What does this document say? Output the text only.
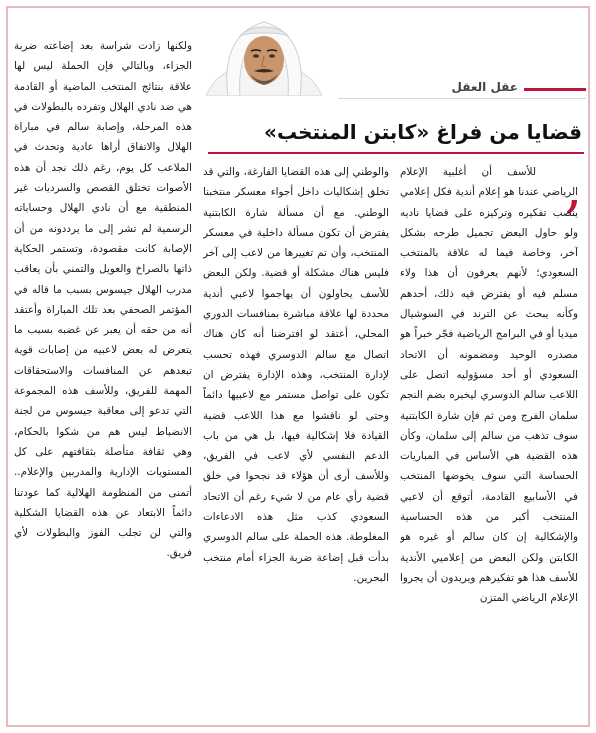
عقل العقل
قضايا من فراغ «كابتن المنتخب»
‚

للأسف أن أغلبية الإعلام الرياضي عندنا هو إعلام أندية فكل إعلامي ينصب تفكيره وتركيزه على قضايا ناديه ولو حاول البعض تجميل طرحه بشكل آخر، وخاصة فيما له علاقة بالمنتخب السعودي؛ لأنهم يعرفون أن هذا ولاء مسلم فيه أو يفترض فيه ذلك، أحدهم وكأنه يبحث عن الترند في السوشيال ميديا أو في البرامج الرياضية فجّر خبراً هو مصدره الوحيد ومضمونه أن الاتحاد السعودي أو أحد مسؤوليه اتصل على اللاعب سالم الدوسري ليخبره بضم النجم سلمان الفرج ومن ثم فإن شارة الكابتنية سوف تذهب من سالم إلى سلمان، وكأن هذه القضية هي الأساس في المباريات الحساسة التي سوف يخوضها المنتخب في الأسابيع القادمة، أتوقع أن لاعبي المنتخب أكبر من هذه الحساسية والإشكالية إن كان سالم أو غيره هو الكابتن ولكن البعض من إعلاميي الأندية للأسف هذا هو تفكيرهم ويريدون أن يجروا الإعلام الرياضي المتزن

والوطني إلى هذه القضايا الفارغة، والتي قد تخلق إشكاليات داخل أجواء معسكر منتخبنا الوطني. مع أن مسألة شارة الكابتنية يفترض أن تكون مسألة داخلية في معسكر المنتخب، وأن تم تغييرها من لاعب إلى آخر فليس هناك مشكلة أو قضية. ولكن البعض للأسف يحاولون أن يهاجموا لاعبي أندية محددة لها علاقة مباشرة بمنافسات الدوري المحلي، أعتقد لو افترضنا أنه كان هناك اتصال مع سالم الدوسري فهذه تحسب لإدارة المنتخب، وهذه الإدارة يفترض ان تكون على تواصل مستمر مع لاعبيها دائماً وحتى لو ناقشوا مع هذا اللاعب قضية القيادة فلا إشكالية فيها، بل هي من باب الدعم النفسي لأي لاعب في الفريق، وللأسف أرى أن هؤلاء قد نجحوا في خلق قضية رأي عام من لا شيء رغم أن الاتحاد السعودي كذب مثل هذه الادعاءات المغلوطة. هذه الحملة على سالم الدوسري بدأت قبل إضاعة ضربة الجزاء أمام منتخب البحرين.

ولكنها زادت شراسة بعد إضاعته ضربة الجزاء، وبالتالي فإن الحملة ليس لها علاقة بنتائج المنتخب الماضية أو القادمة هي ضد نادي الهلال وتفرده بالبطولات في هذه المرحلة، وإصابة سالم في مباراة الهلال والاتفاق أراها عادية وتحدث في الملاعب كل يوم، رغم ذلك نجد أن هذه الأصوات تختلق القصص والسرديات غير المنطقية مع أن نادي الهلال وحساباته الرسمية لم تشر إلى ما يرددونه من أن الإصابة كانت مقصودة، وتستمر الحكاية ذاتها بالصراخ والعويل والتمني بأن يعاقب مدرب الهلال جيسوس بسبب ما قاله في المؤتمر الصحفي بعد تلك المباراة وأعتقد أنه من حقه أن يعبر عن غضبه بسبب ما يتعرض له بعض لاعبيه من إصابات قوية تبعدهم عن المنافسات والاستحقاقات المهمة للفريق، وللأسف هذه المجموعة التي تدعو إلى معاقبة جيسوس من لجنة الانضباط ليس هم من شكوا بالحكام، وهي ثقافة متأصلة بثقافتهم على كل المستويات الإدارية والمدربين والإعلام.. أتمنى من المنظومة الهلالية كما عودتنا دائماً الابتعاد عن هذه القضايا الشكلية والتي لن تجلب الفوز والبطولات لأي فريق.
